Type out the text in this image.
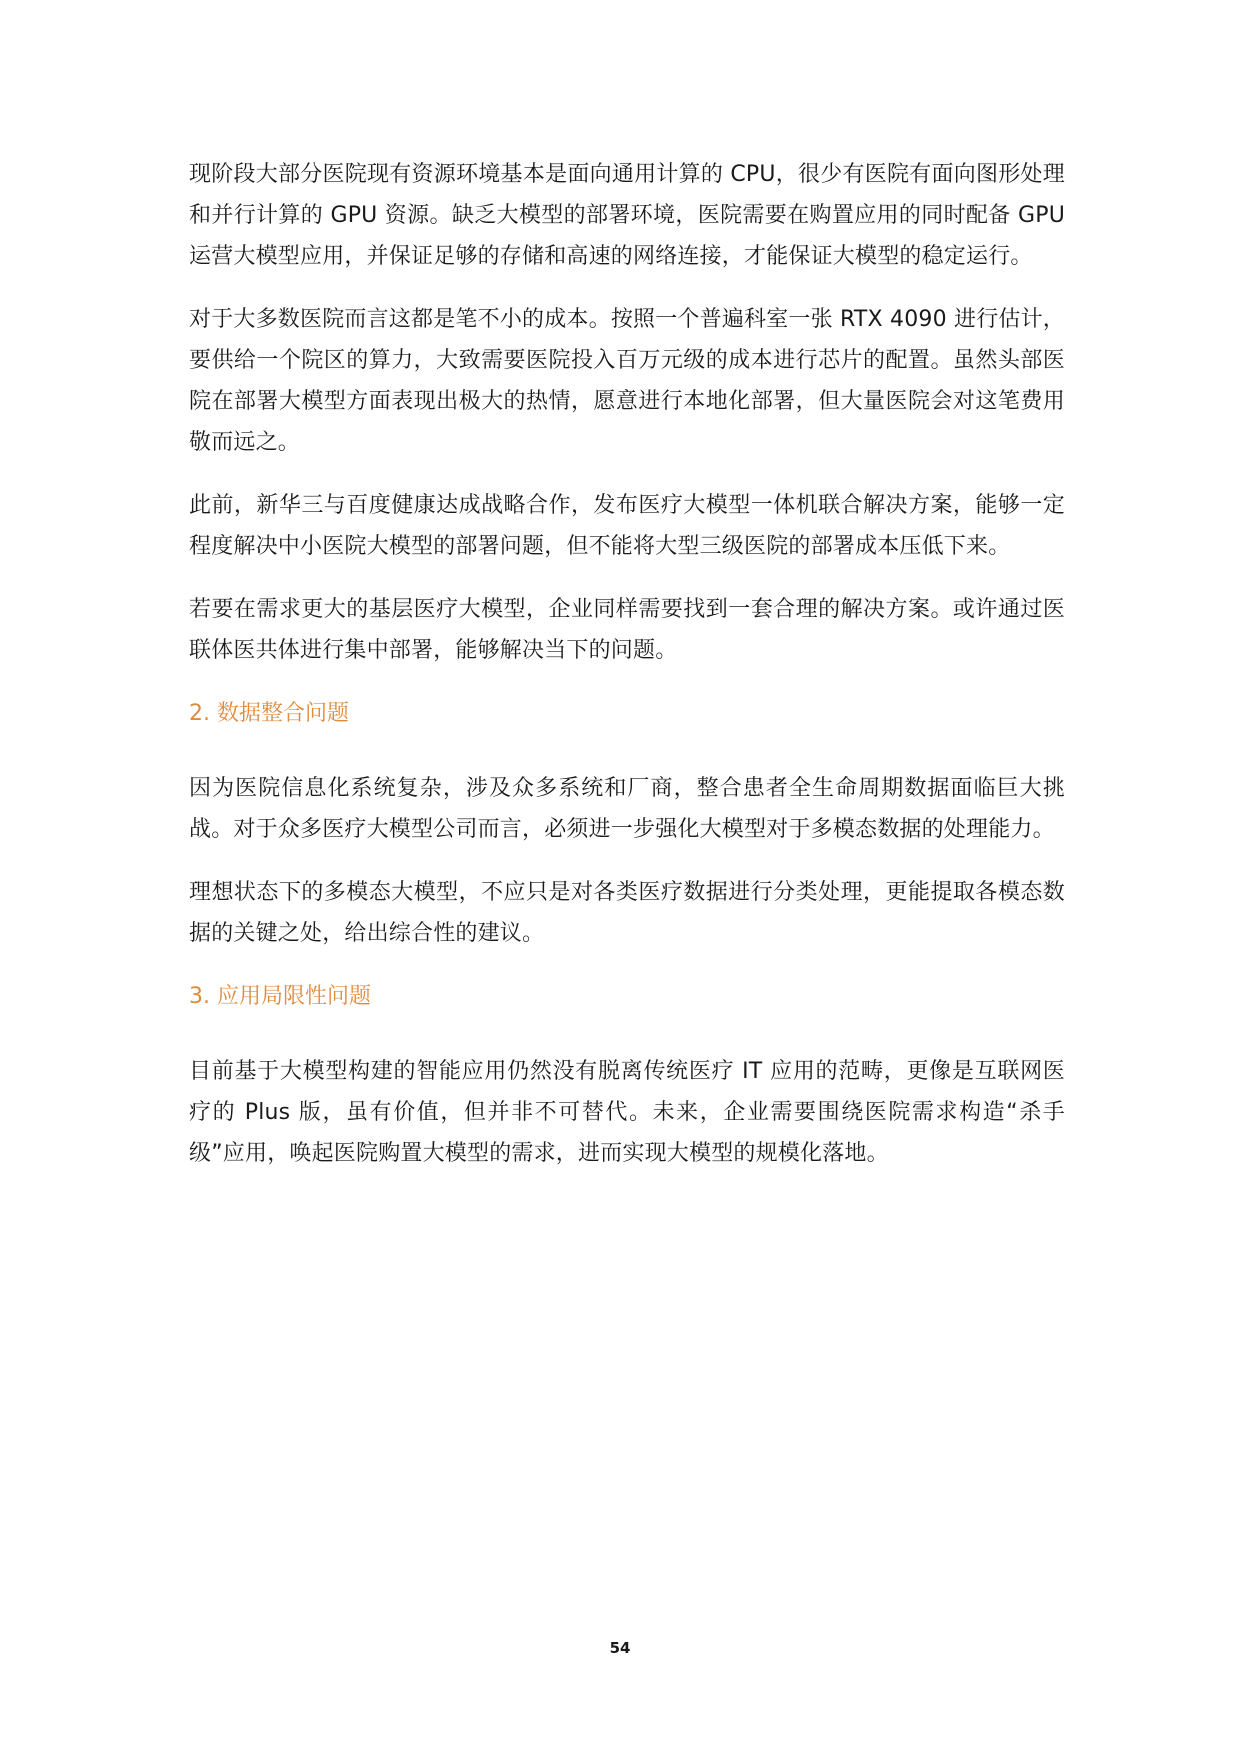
现阶段大部分医院现有资源环境基本是面向通用计算的 CPU，很少有医院有面向图形处理和并行计算的 GPU 资源。缺乏大模型的部署环境，医院需要在购置应用的同时配备 GPU 运营大模型应用，并保证足够的存储和高速的网络连接，才能保证大模型的稳定运行。

对于大多数医院而言这都是笔不小的成本。按照一个普遍科室一张 RTX 4090 进行估计，要供给一个院区的算力，大致需要医院投入百万元级的成本进行芯片的配置。虽然头部医院在部署大模型方面表现出极大的热情，愿意进行本地化部署，但大量医院会对这笔费用敬而远之。

此前，新华三与百度健康达成战略合作，发布医疗大模型一体机联合解决方案，能够一定程度解决中小医院大模型的部署问题，但不能将大型三级医院的部署成本压低下来。

若要在需求更大的基层医疗大模型，企业同样需要找到一套合理的解决方案。或许通过医联体医共体进行集中部署，能够解决当下的问题。

2. 数据整合问题

因为医院信息化系统复杂，涉及众多系统和厂商，整合患者全生命周期数据面临巨大挑战。对于众多医疗大模型公司而言，必须进一步强化大模型对于多模态数据的处理能力。

理想状态下的多模态大模型，不应只是对各类医疗数据进行分类处理，更能提取各模态数据的关键之处，给出综合性的建议。

3. 应用局限性问题

目前基于大模型构建的智能应用仍然没有脱离传统医疗 IT 应用的范畴，更像是互联网医疗的 Plus 版，虽有价值，但并非不可替代。未来，企业需要围绕医院需求构造“杀手级”应用，唤起医院购置大模型的需求，进而实现大模型的规模化落地。

54
